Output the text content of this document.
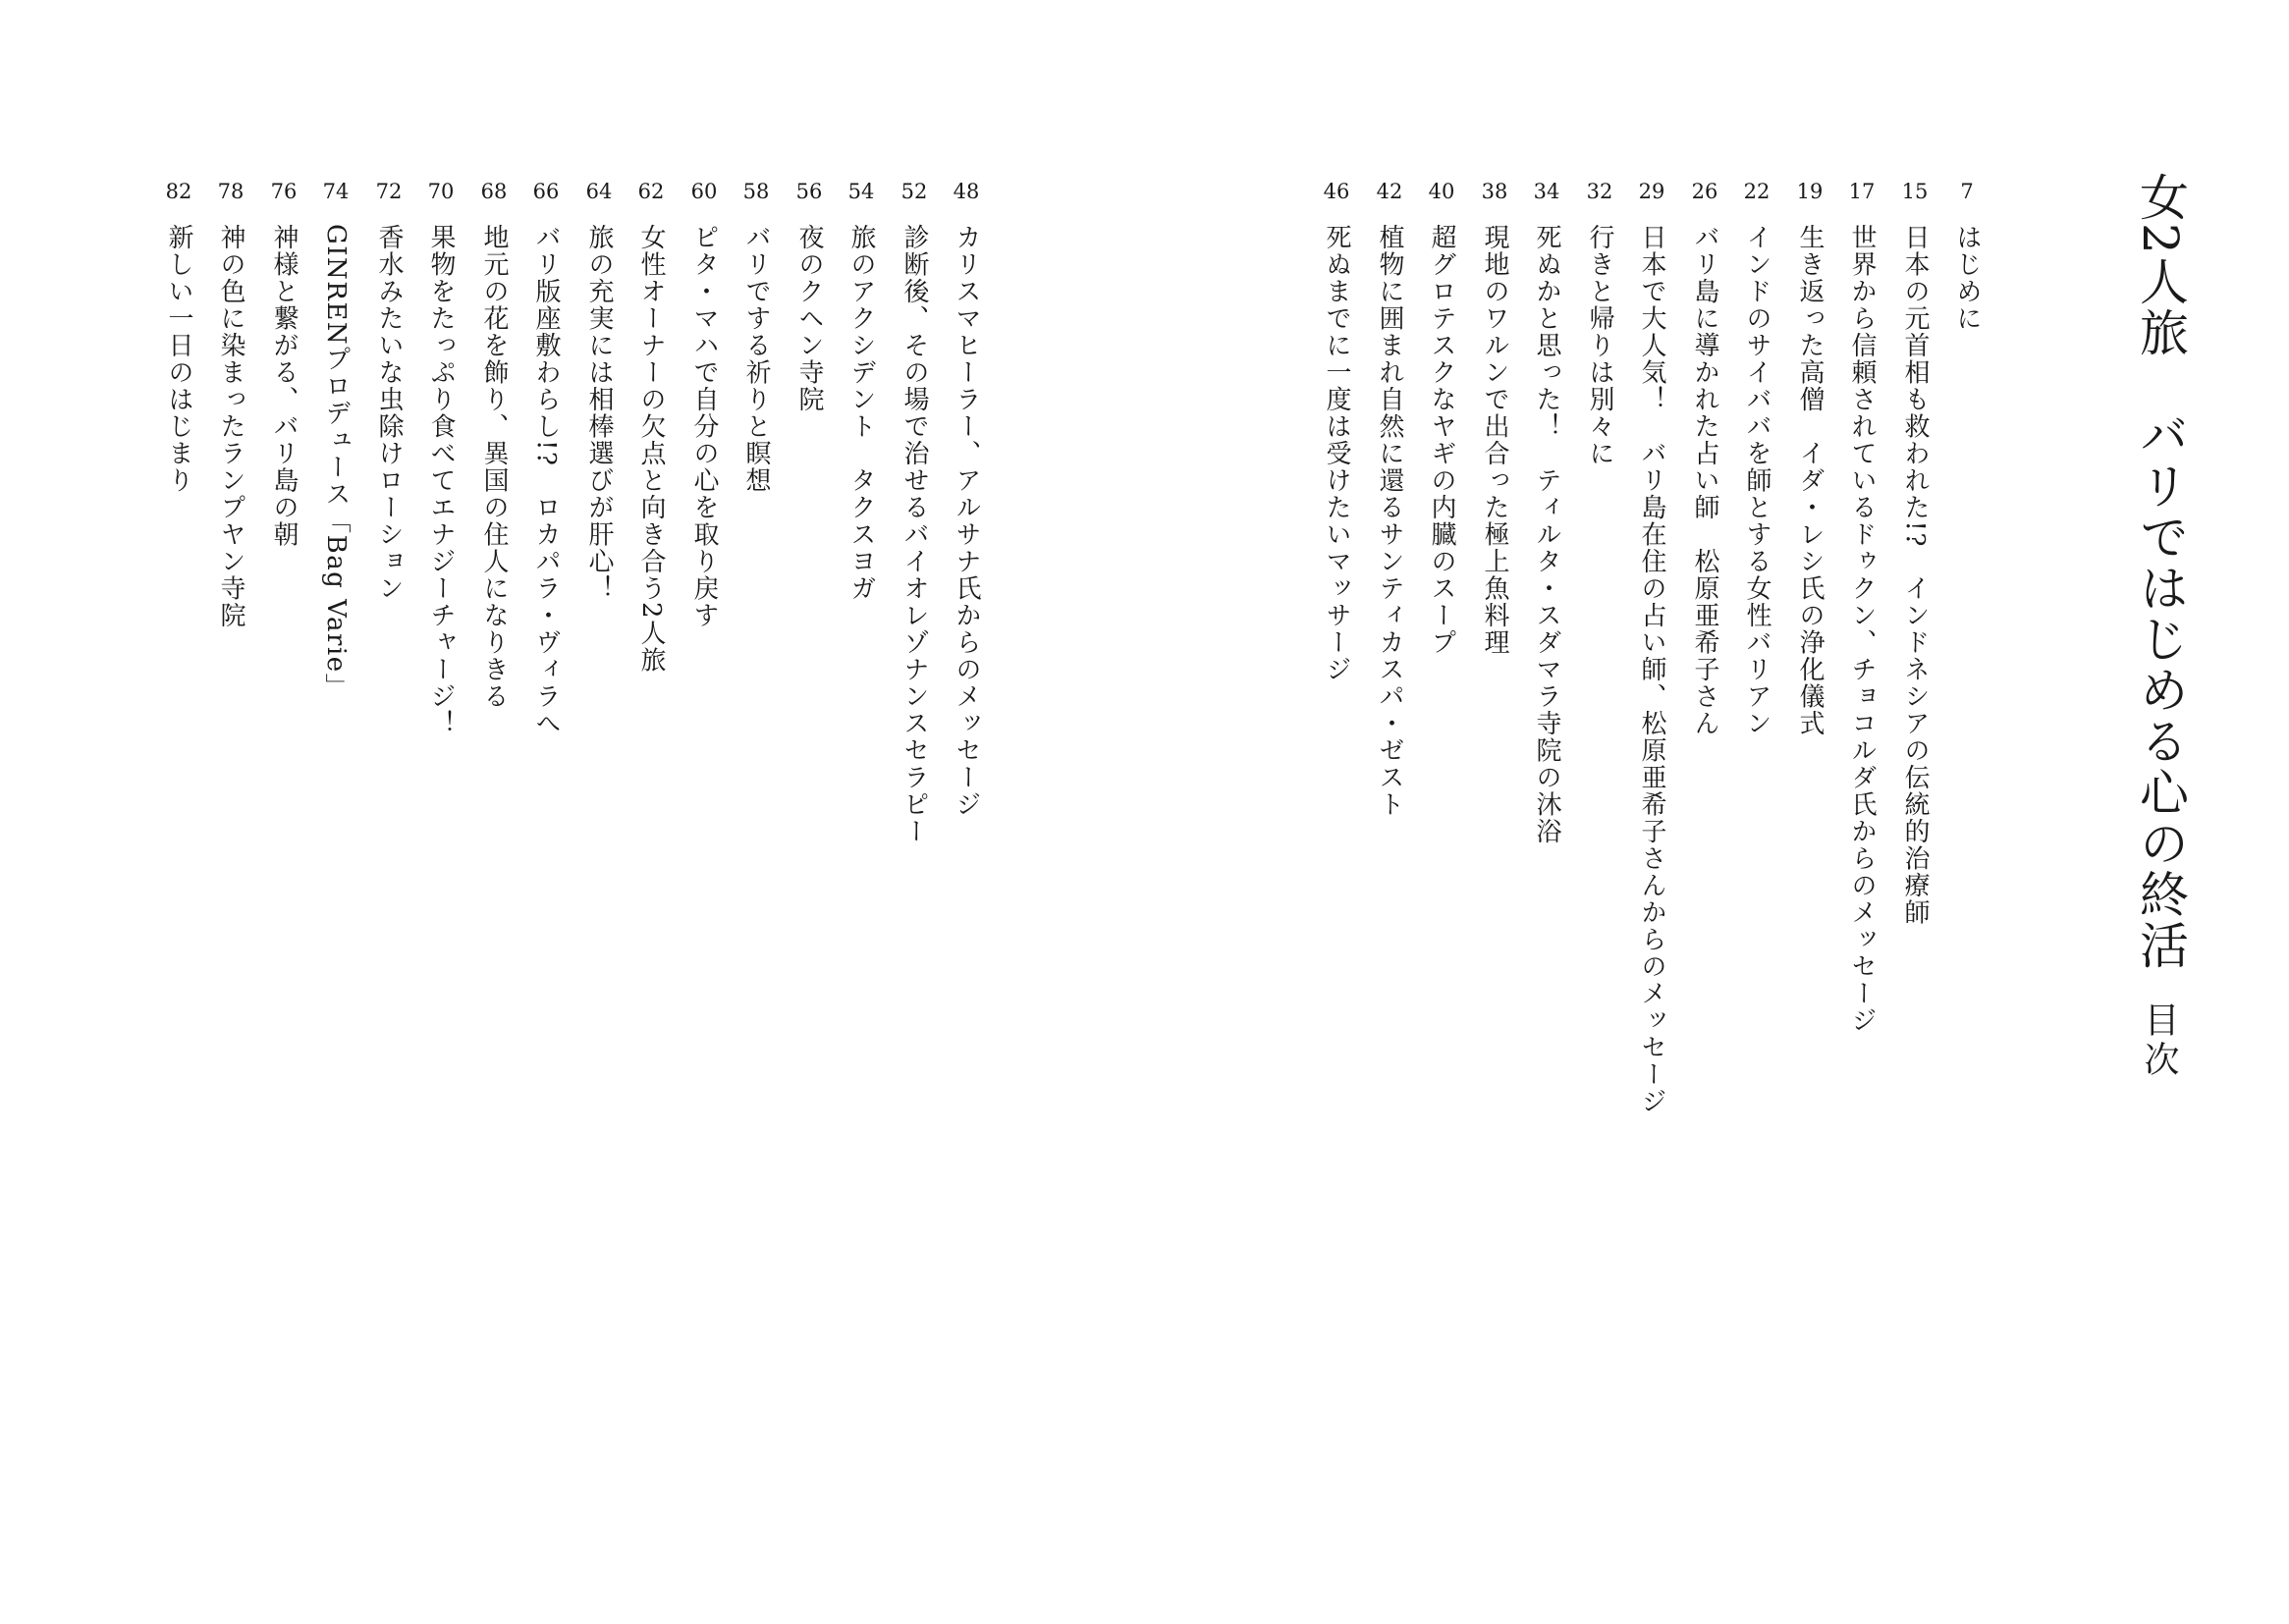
女2人旅　バリではじめる心の終活
目次
7
はじめに
15
日本の元首相も救われた!?　インドネシアの伝統的治療師
17
世界から信頼されているドゥクン、チョコルダ氏からのメッセージ
19
生き返った高僧　イダ・レシ氏の浄化儀式
22
インドのサイババを師とする女性バリアン
26
バリ島に導かれた占い師　松原亜希子さん
29
日本で大人気！　バリ島在住の占い師、松原亜希子さんからのメッセージ
32
行きと帰りは別々に
34
死ぬかと思った！　ティルタ・スダマラ寺院の沐浴
38
現地のワルンで出合った極上魚料理
40
超グロテスクなヤギの内臓のスープ
42
植物に囲まれ自然に還るサンティカスパ・ゼスト
46
死ぬまでに一度は受けたいマッサージ
48
カリスマヒーラー、アルサナ氏からのメッセージ
52
診断後、その場で治せるバイオレゾナンスセラピー
54
旅のアクシデント　タクスヨガ
56
夜のクヘン寺院
58
バリでする祈りと瞑想
60
ピタ・マハで自分の心を取り戻す
62
女性オーナーの欠点と向き合う2人旅
64
旅の充実には相棒選びが肝心！
66
バリ版座敷わらし!?　ロカパラ・ヴィラへ
68
地元の花を飾り、異国の住人になりきる
70
果物をたっぷり食べてエナジーチャージ！
72
香水みたいな虫除けローション
74
GINRENプロデュース「Bag Varie」
76
神様と繋がる、バリ島の朝
78
神の色に染まったランプヤン寺院
82
新しい一日のはじまり
